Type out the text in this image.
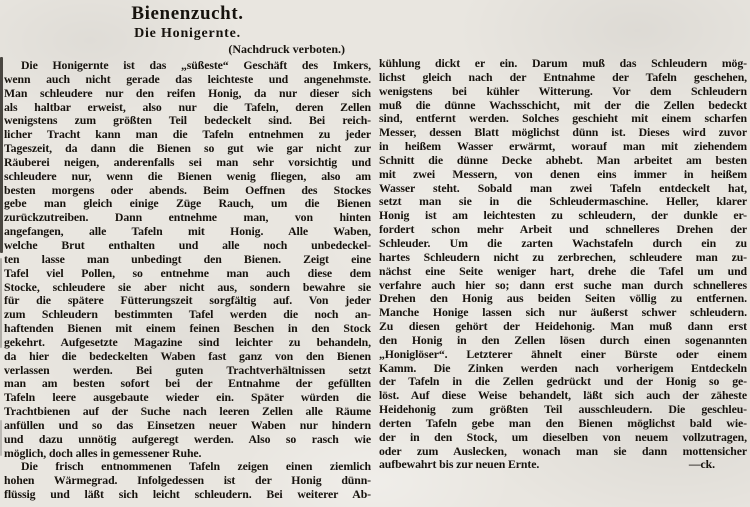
Bienenzucht.
Die Honigernte.
(Nachdruck verboten.)
Die Honigernte ist das „süßeste“ Geschäft des Imkers,
wenn auch nicht gerade das leichteste und angenehmste.
Man schleudere nur den reifen Honig, da nur dieser sich
als haltbar erweist, also nur die Tafeln, deren Zellen
wenigstens zum größten Teil bedeckelt sind. Bei reich-
licher Tracht kann man die Tafeln entnehmen zu jeder
Tageszeit, da dann die Bienen so gut wie gar nicht zur
Räuberei neigen, anderenfalls sei man sehr vorsichtig und
schleudere nur, wenn die Bienen wenig fliegen, also am
besten morgens oder abends. Beim Oeffnen des Stockes
gebe man gleich einige Züge Rauch, um die Bienen
zurückzutreiben. Dann entnehme man, von hinten
angefangen, alle Tafeln mit Honig. Alle Waben,
welche Brut enthalten und alle noch unbedeckel-
ten lasse man unbedingt den Bienen. Zeigt eine
Tafel viel Pollen, so entnehme man auch diese dem
Stocke, schleudere sie aber nicht aus, sondern bewahre sie
für die spätere Fütterungszeit sorgfältig auf. Von jeder
zum Schleudern bestimmten Tafel werden die noch an-
haftenden Bienen mit einem feinen Beschen in den Stock
gekehrt. Aufgesetzte Magazine sind leichter zu behandeln,
da hier die bedeckelten Waben fast ganz von den Bienen
verlassen werden. Bei guten Trachtverhältnissen setzt
man am besten sofort bei der Entnahme der gefüllten
Tafeln leere ausgebaute wieder ein. Später würden die
Trachtbienen auf der Suche nach leeren Zellen alle Räume
anfüllen und so das Einsetzen neuer Waben nur hindern
und dazu unnötig aufgeregt werden. Also so rasch wie
möglich, doch alles in gemessener Ruhe.
Die frisch entnommenen Tafeln zeigen einen ziemlich
hohen Wärmegrad. Infolgedessen ist der Honig dünn-
flüssig und läßt sich leicht schleudern. Bei weiterer Ab-
kühlung dickt er ein. Darum muß das Schleudern mög-
lichst gleich nach der Entnahme der Tafeln geschehen,
wenigstens bei kühler Witterung. Vor dem Schleudern
muß die dünne Wachsschicht, mit der die Zellen bedeckt
sind, entfernt werden. Solches geschieht mit einem scharfen
Messer, dessen Blatt möglichst dünn ist. Dieses wird zuvor
in heißem Wasser erwärmt, worauf man mit ziehendem
Schnitt die dünne Decke abhebt. Man arbeitet am besten
mit zwei Messern, von denen eins immer in heißem
Wasser steht. Sobald man zwei Tafeln entdeckelt hat,
setzt man sie in die Schleudermaschine. Heller, klarer
Honig ist am leichtesten zu schleudern, der dunkle er-
fordert schon mehr Arbeit und schnelleres Drehen der
Schleuder. Um die zarten Wachstafeln durch ein zu
hartes Schleudern nicht zu zerbrechen, schleudere man zu-
nächst eine Seite weniger hart, drehe die Tafel um und
verfahre auch hier so; dann erst suche man durch schnelleres
Drehen den Honig aus beiden Seiten völlig zu entfernen.
Manche Honige lassen sich nur äußerst schwer schleudern.
Zu diesen gehört der Heidehonig. Man muß dann erst
den Honig in den Zellen lösen durch einen sogenannten
„Honiglöser“. Letzterer ähnelt einer Bürste oder einem
Kamm. Die Zinken werden nach vorherigem Entdeckeln
der Tafeln in die Zellen gedrückt und der Honig so ge-
löst. Auf diese Weise behandelt, läßt sich auch der zäheste
Heidehonig zum größten Teil ausschleudern. Die geschleu-
derten Tafeln gebe man den Bienen möglichst bald wie-
der in den Stock, um dieselben von neuem vollzutragen,
oder zum Auslecken, wonach man sie dann mottensicher
aufbewahrt bis zur neuen Ernte.	—ck.
